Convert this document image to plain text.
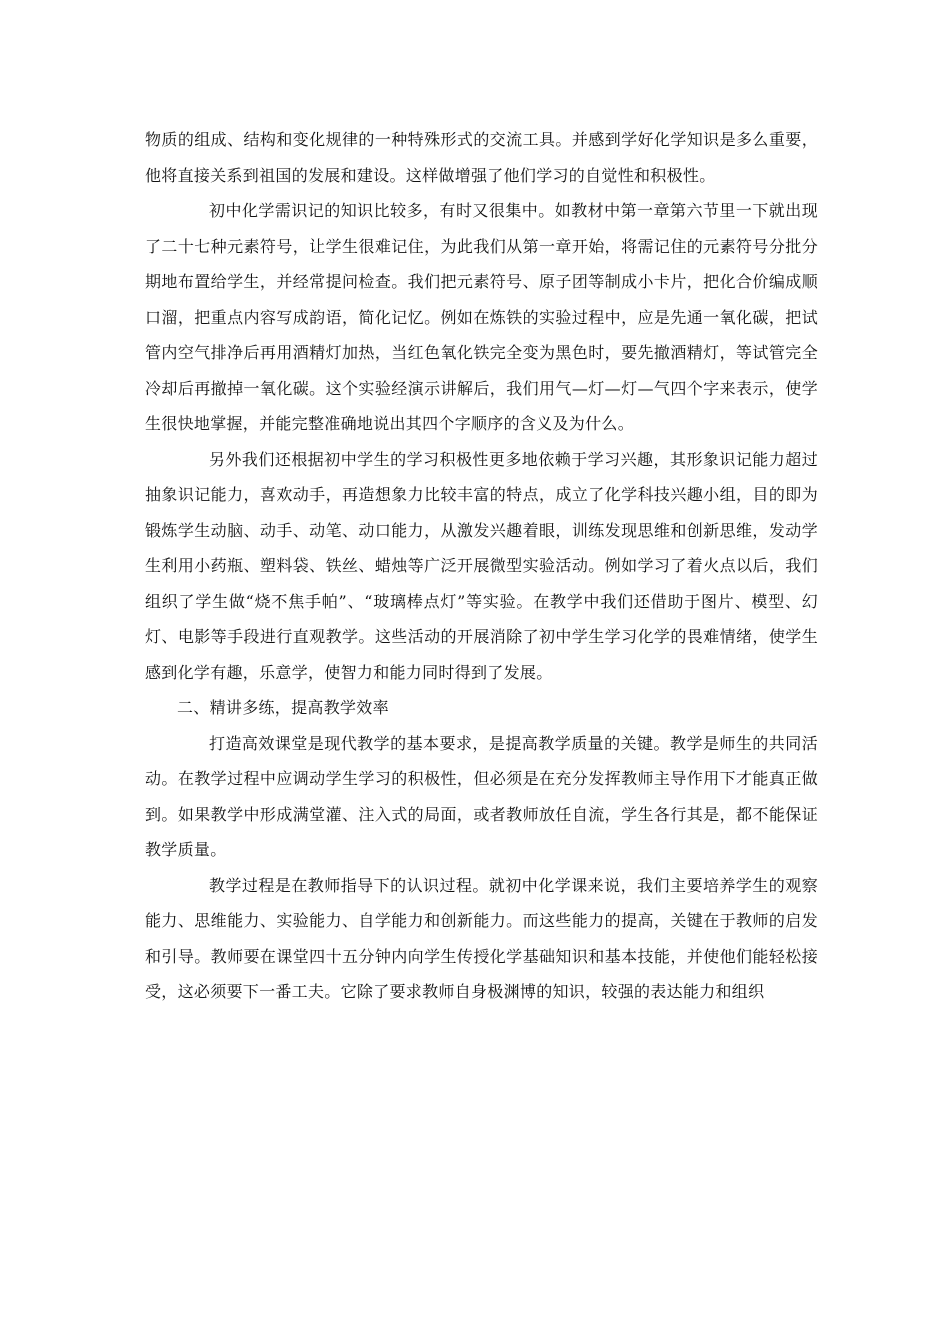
物质的组成、结构和变化规律的一种特殊形式的交流工具。并感到学好化学知识是多么重要，他将直接关系到祖国的发展和建设。这样做增强了他们学习的自觉性和积极性。

初中化学需识记的知识比较多，有时又很集中。如教材中第一章第六节里一下就出现了二十七种元素符号，让学生很难记住，为此我们从第一章开始，将需记住的元素符号分批分期地布置给学生，并经常提问检查。我们把元素符号、原子团等制成小卡片，把化合价编成顺口溜，把重点内容写成韵语，简化记忆。例如在炼铁的实验过程中，应是先通一氧化碳，把试管内空气排净后再用酒精灯加热，当红色氧化铁完全变为黑色时，要先撤酒精灯，等试管完全冷却后再撤掉一氧化碳。这个实验经演示讲解后，我们用气—灯—灯—气四个字来表示，使学生很快地掌握，并能完整准确地说出其四个字顺序的含义及为什么。

另外我们还根据初中学生的学习积极性更多地依赖于学习兴趣，其形象识记能力超过抽象识记能力，喜欢动手，再造想象力比较丰富的特点，成立了化学科技兴趣小组，目的即为锻炼学生动脑、动手、动笔、动口能力，从激发兴趣着眼，训练发现思维和创新思维，发动学生利用小药瓶、塑料袋、铁丝、蜡烛等广泛开展微型实验活动。例如学习了着火点以后，我们组织了学生做“烧不焦手帕”、“玻璃棒点灯”等实验。在教学中我们还借助于图片、模型、幻灯、电影等手段进行直观教学。这些活动的开展消除了初中学生学习化学的畏难情绪，使学生感到化学有趣，乐意学，使智力和能力同时得到了发展。

二、精讲多练，提高教学效率

打造高效课堂是现代教学的基本要求，是提高教学质量的关键。教学是师生的共同活动。在教学过程中应调动学生学习的积极性，但必须是在充分发挥教师主导作用下才能真正做到。如果教学中形成满堂灌、注入式的局面，或者教师放任自流，学生各行其是，都不能保证教学质量。

教学过程是在教师指导下的认识过程。就初中化学课来说，我们主要培养学生的观察能力、思维能力、实验能力、自学能力和创新能力。而这些能力的提高，关键在于教师的启发和引导。教师要在课堂四十五分钟内向学生传授化学基础知识和基本技能，并使他们能轻松接受，这必须要下一番工夫。它除了要求教师自身极渊博的知识，较强的表达能力和组织
